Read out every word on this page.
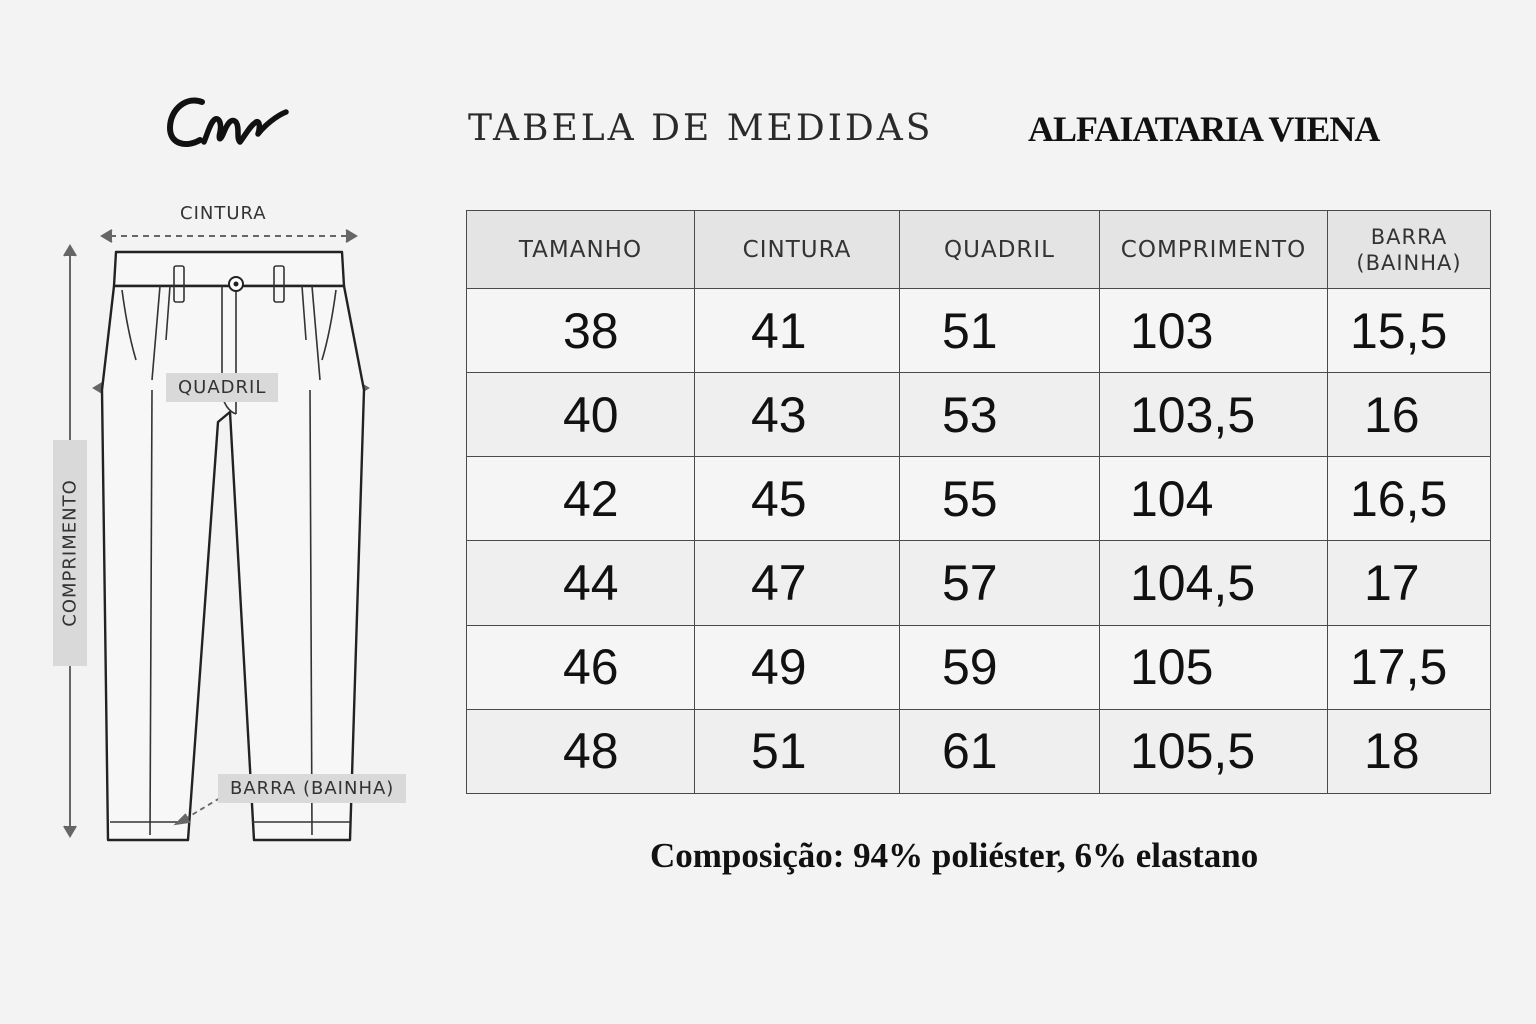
TABELA DE MEDIDAS	ALFAIATARIA VIENA
CINTURA
QUADRIL
COMPRIMENTO
BARRA (BAINHA)
TAMANHO	CINTURA	QUADRIL	COMPRIMENTO	BARRA
(BAINHA)
38	41	51	103	15,5
40	43	53	103,5	16
42	45	55	104	16,5
44	47	57	104,5	17
46	49	59	105	17,5
48	51	61	105,5	18
Composição: 94% poliéster, 6% elastano
